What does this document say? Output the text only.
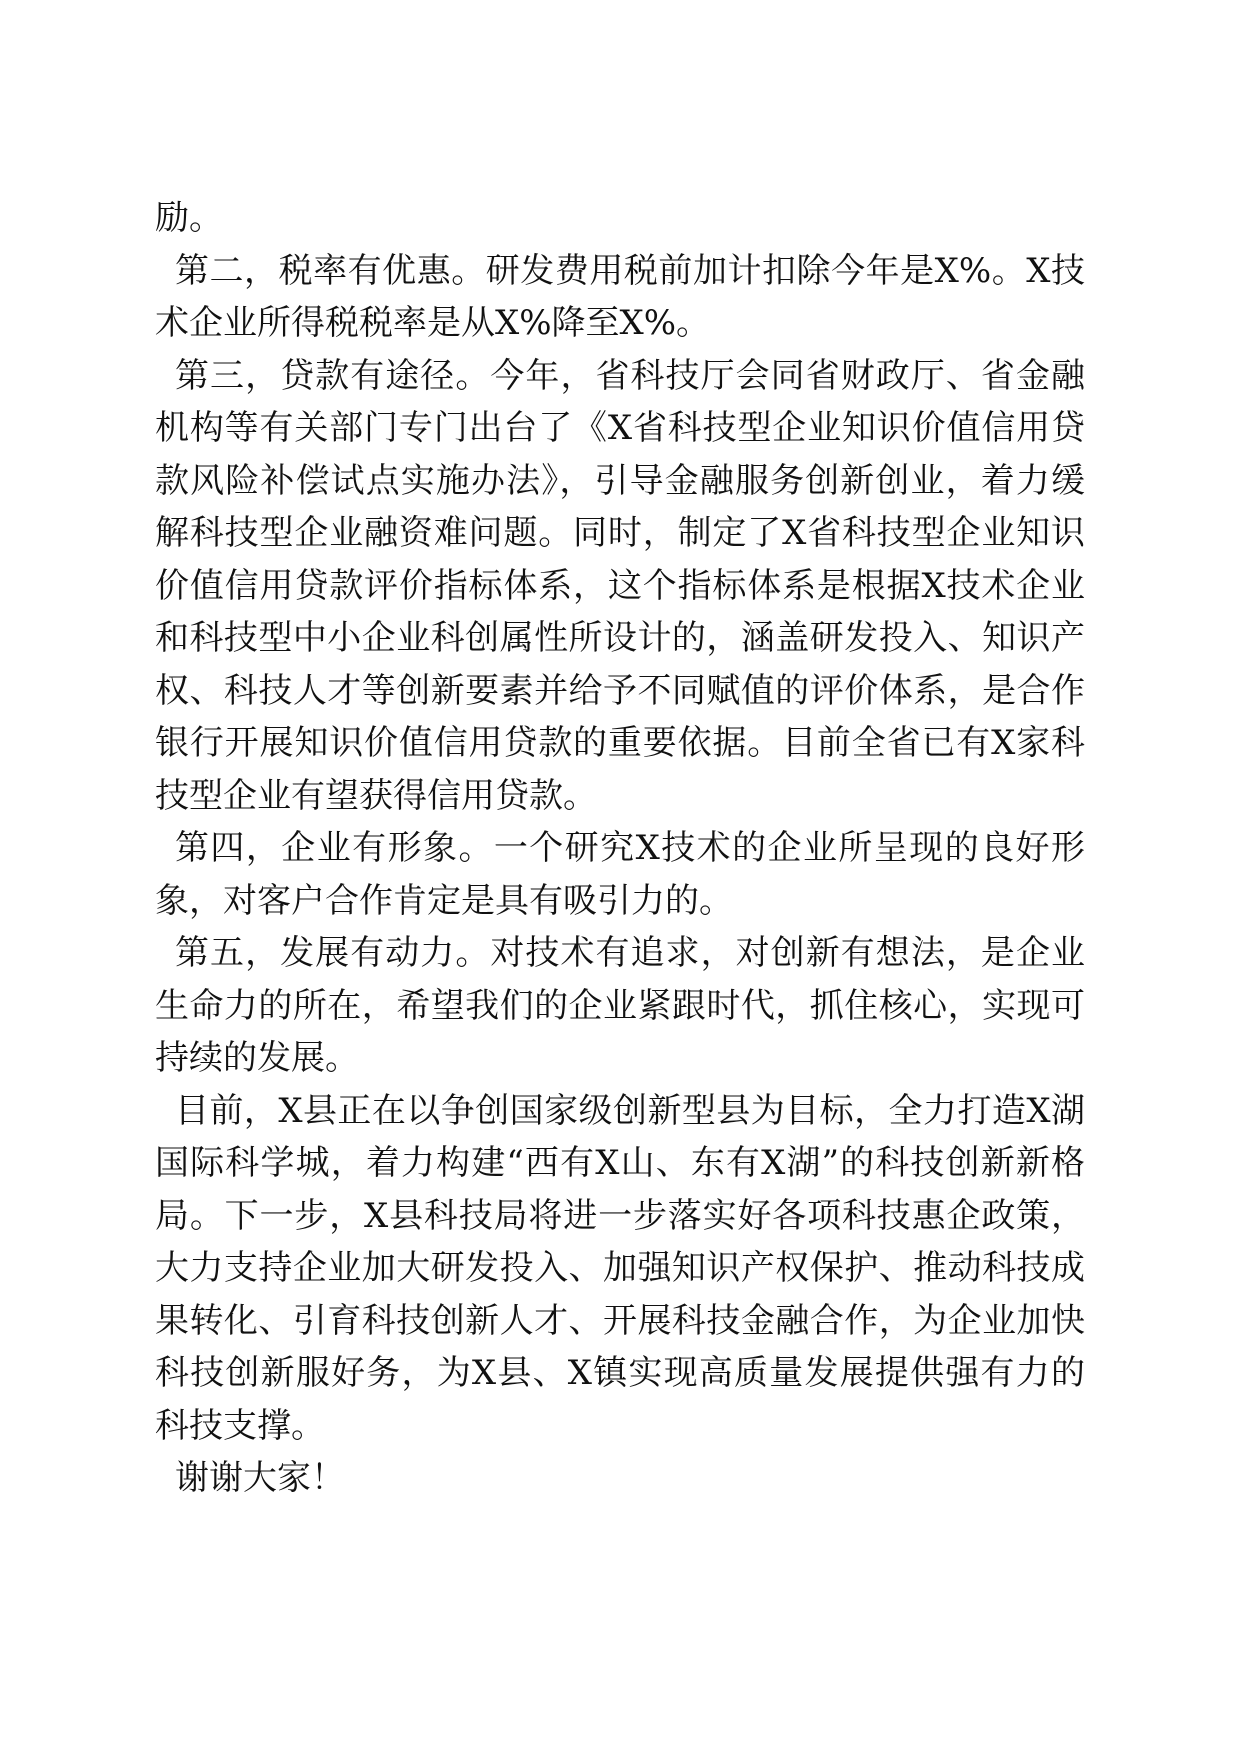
励。

第二，税率有优惠。研发费用税前加计扣除今年是X%。X技术企业所得税税率是从X%降至X%。

第三，贷款有途径。今年，省科技厅会同省财政厅、省金融机构等有关部门专门出台了《X省科技型企业知识价值信用贷款风险补偿试点实施办法》，引导金融服务创新创业，着力缓解科技型企业融资难问题。同时，制定了X省科技型企业知识价值信用贷款评价指标体系，这个指标体系是根据X技术企业和科技型中小企业科创属性所设计的，涵盖研发投入、知识产权、科技人才等创新要素并给予不同赋值的评价体系，是合作银行开展知识价值信用贷款的重要依据。目前全省已有X家科技型企业有望获得信用贷款。

第四，企业有形象。一个研究X技术的企业所呈现的良好形象，对客户合作肯定是具有吸引力的。

第五，发展有动力。对技术有追求，对创新有想法，是企业生命力的所在，希望我们的企业紧跟时代，抓住核心，实现可持续的发展。

目前，X县正在以争创国家级创新型县为目标，全力打造X湖国际科学城，着力构建“西有X山、东有X湖”的科技创新新格局。下一步，X县科技局将进一步落实好各项科技惠企政策，大力支持企业加大研发投入、加强知识产权保护、推动科技成果转化、引育科技创新人才、开展科技金融合作，为企业加快科技创新服好务，为X县、X镇实现高质量发展提供强有力的科技支撑。

谢谢大家！
